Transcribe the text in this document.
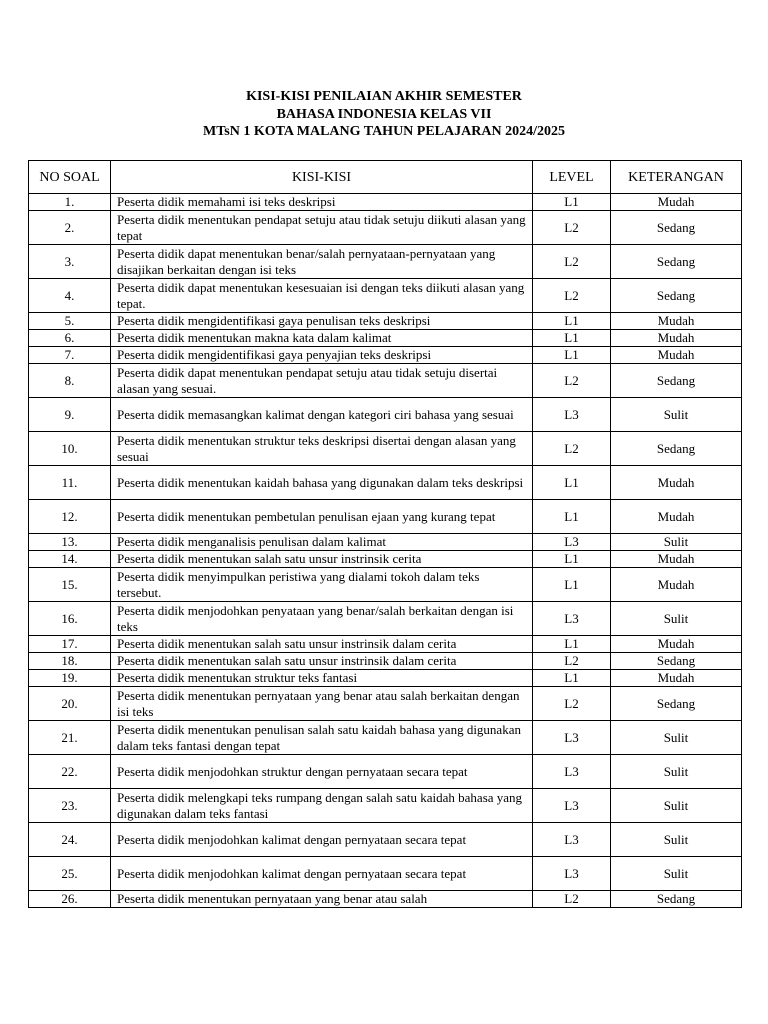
KISI-KISI PENILAIAN AKHIR SEMESTER
BAHASA INDONESIA KELAS VII
MTsN 1 KOTA MALANG TAHUN PELAJARAN 2024/2025
NO SOAL	KISI-KISI	LEVEL	KETERANGAN
1.	Peserta didik memahami isi teks deskripsi	L1	Mudah
2.	Peserta didik menentukan pendapat setuju atau tidak setuju diikuti alasan yang tepat	L2	Sedang
3.	Peserta didik dapat menentukan benar/salah pernyataan-pernyataan yang disajikan berkaitan dengan isi teks	L2	Sedang
4.	Peserta didik dapat menentukan kesesuaian isi dengan teks diikuti alasan yang tepat.	L2	Sedang
5.	Peserta didik mengidentifikasi gaya penulisan teks deskripsi	L1	Mudah
6.	Peserta didik menentukan makna kata dalam kalimat	L1	Mudah
7.	Peserta didik mengidentifikasi gaya penyajian teks deskripsi	L1	Mudah
8.	Peserta didik dapat menentukan pendapat setuju atau tidak setuju disertai alasan yang sesuai.	L2	Sedang
9.	Peserta didik memasangkan kalimat dengan kategori ciri bahasa yang sesuai	L3	Sulit
10.	Peserta didik menentukan struktur teks deskripsi disertai dengan alasan yang sesuai	L2	Sedang
11.	Peserta didik menentukan kaidah bahasa yang digunakan dalam teks deskripsi	L1	Mudah
12.	Peserta didik menentukan pembetulan penulisan ejaan yang kurang tepat	L1	Mudah
13.	Peserta didik menganalisis penulisan dalam kalimat	L3	Sulit
14.	Peserta didik menentukan salah satu unsur instrinsik cerita	L1	Mudah
15.	Peserta didik menyimpulkan peristiwa yang dialami tokoh dalam teks tersebut.	L1	Mudah
16.	Peserta didik menjodohkan penyataan yang benar/salah berkaitan dengan isi teks	L3	Sulit
17.	Peserta didik menentukan salah satu unsur instrinsik dalam cerita	L1	Mudah
18.	Peserta didik menentukan salah satu unsur instrinsik dalam cerita	L2	Sedang
19.	Peserta didik menentukan struktur teks fantasi	L1	Mudah
20.	Peserta didik menentukan pernyataan yang benar atau salah berkaitan dengan isi teks	L2	Sedang
21.	Peserta didik menentukan penulisan salah satu kaidah bahasa yang digunakan dalam teks fantasi dengan tepat	L3	Sulit
22.	Peserta didik menjodohkan struktur dengan pernyataan secara tepat	L3	Sulit
23.	Peserta didik melengkapi teks rumpang dengan salah satu kaidah bahasa yang digunakan dalam teks fantasi	L3	Sulit
24.	Peserta didik menjodohkan kalimat dengan pernyataan secara tepat	L3	Sulit
25.	Peserta didik menjodohkan kalimat dengan pernyataan secara tepat	L3	Sulit
26.	Peserta didik menentukan pernyataan yang benar atau salah	L2	Sedang
